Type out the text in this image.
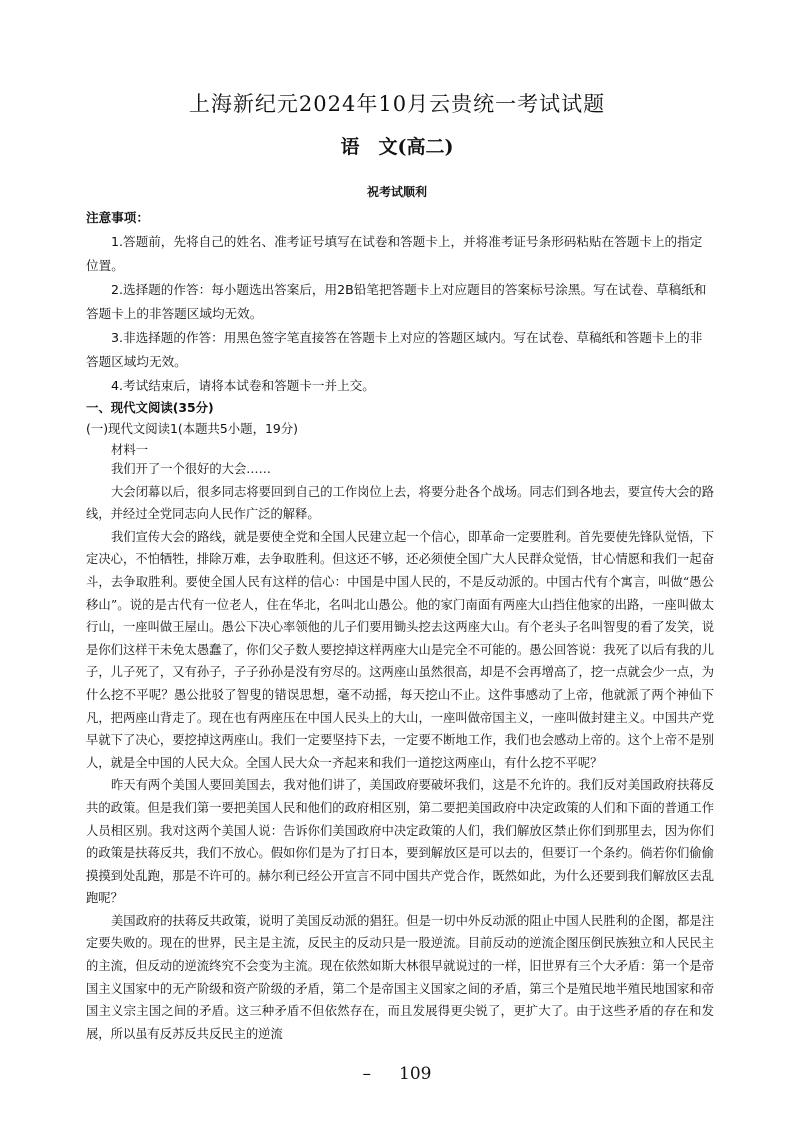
上海新纪元2024年10月云贵统一考试试题
语　文(高二)
祝考试顺利
注意事项：

1.答题前，先将自己的姓名、准考证号填写在试卷和答题卡上，并将准考证号条形码粘贴在答题卡上的指定位置。

2.选择题的作答：每小题选出答案后，用2B铅笔把答题卡上对应题目的答案标号涂黑。写在试卷、草稿纸和答题卡上的非答题区域均无效。

3.非选择题的作答：用黑色签字笔直接答在答题卡上对应的答题区域内。写在试卷、草稿纸和答题卡上的非答题区域均无效。

4.考试结束后，请将本试卷和答题卡一并上交。

一、现代文阅读(35分)
(一)现代文阅读1(本题共5小题，19分)
材料一

我们开了一个很好的大会……

大会闭幕以后，很多同志将要回到自己的工作岗位上去，将要分赴各个战场。同志们到各地去，要宣传大会的路线，并经过全党同志向人民作广泛的解释。

我们宣传大会的路线，就是要使全党和全国人民建立起一个信心，即革命一定要胜利。首先要使先锋队觉悟，下定决心，不怕牺牲，排除万难，去争取胜利。但这还不够，还必须使全国广大人民群众觉悟，甘心情愿和我们一起奋斗，去争取胜利。要使全国人民有这样的信心：中国是中国人民的，不是反动派的。中国古代有个寓言，叫做“愚公移山”。说的是古代有一位老人，住在华北，名叫北山愚公。他的家门南面有两座大山挡住他家的出路，一座叫做太行山，一座叫做王屋山。愚公下决心率领他的儿子们要用锄头挖去这两座大山。有个老头子名叫智叟的看了发笑，说是你们这样干未免太愚蠢了，你们父子数人要挖掉这样两座大山是完全不可能的。愚公回答说：我死了以后有我的儿子，儿子死了，又有孙子，子子孙孙是没有穷尽的。这两座山虽然很高，却是不会再增高了，挖一点就会少一点，为什么挖不平呢？愚公批驳了智叟的错误思想，毫不动摇，每天挖山不止。这件事感动了上帝，他就派了两个神仙下凡，把两座山背走了。现在也有两座压在中国人民头上的大山，一座叫做帝国主义，一座叫做封建主义。中国共产党早就下了决心，要挖掉这两座山。我们一定要坚持下去，一定要不断地工作，我们也会感动上帝的。这个上帝不是别人，就是全中国的人民大众。全国人民大众一齐起来和我们一道挖这两座山，有什么挖不平呢？

昨天有两个美国人要回美国去，我对他们讲了，美国政府要破坏我们，这是不允许的。我们反对美国政府扶蒋反共的政策。但是我们第一要把美国人民和他们的政府相区别，第二要把美国政府中决定政策的人们和下面的普通工作人员相区别。我对这两个美国人说：告诉你们美国政府中决定政策的人们，我们解放区禁止你们到那里去，因为你们的政策是扶蒋反共，我们不放心。假如你们是为了打日本，要到解放区是可以去的，但要订一个条约。倘若你们偷偷摸摸到处乱跑，那是不许可的。赫尔利已经公开宣言不同中国共产党合作，既然如此，为什么还要到我们解放区去乱跑呢？

美国政府的扶蒋反共政策，说明了美国反动派的猖狂。但是一切中外反动派的阻止中国人民胜利的企图，都是注定要失败的。现在的世界，民主是主流，反民主的反动只是一股逆流。目前反动的逆流企图压倒民族独立和人民民主的主流，但反动的逆流终究不会变为主流。现在依然如斯大林很早就说过的一样，旧世界有三个大矛盾：第一个是帝国主义国家中的无产阶级和资产阶级的矛盾，第二个是帝国主义国家之间的矛盾，第三个是殖民地半殖民地国家和帝国主义宗主国之间的矛盾。这三种矛盾不但依然存在，而且发展得更尖锐了，更扩大了。由于这些矛盾的存在和发展，所以虽有反苏反共反民主的逆流

– 109
